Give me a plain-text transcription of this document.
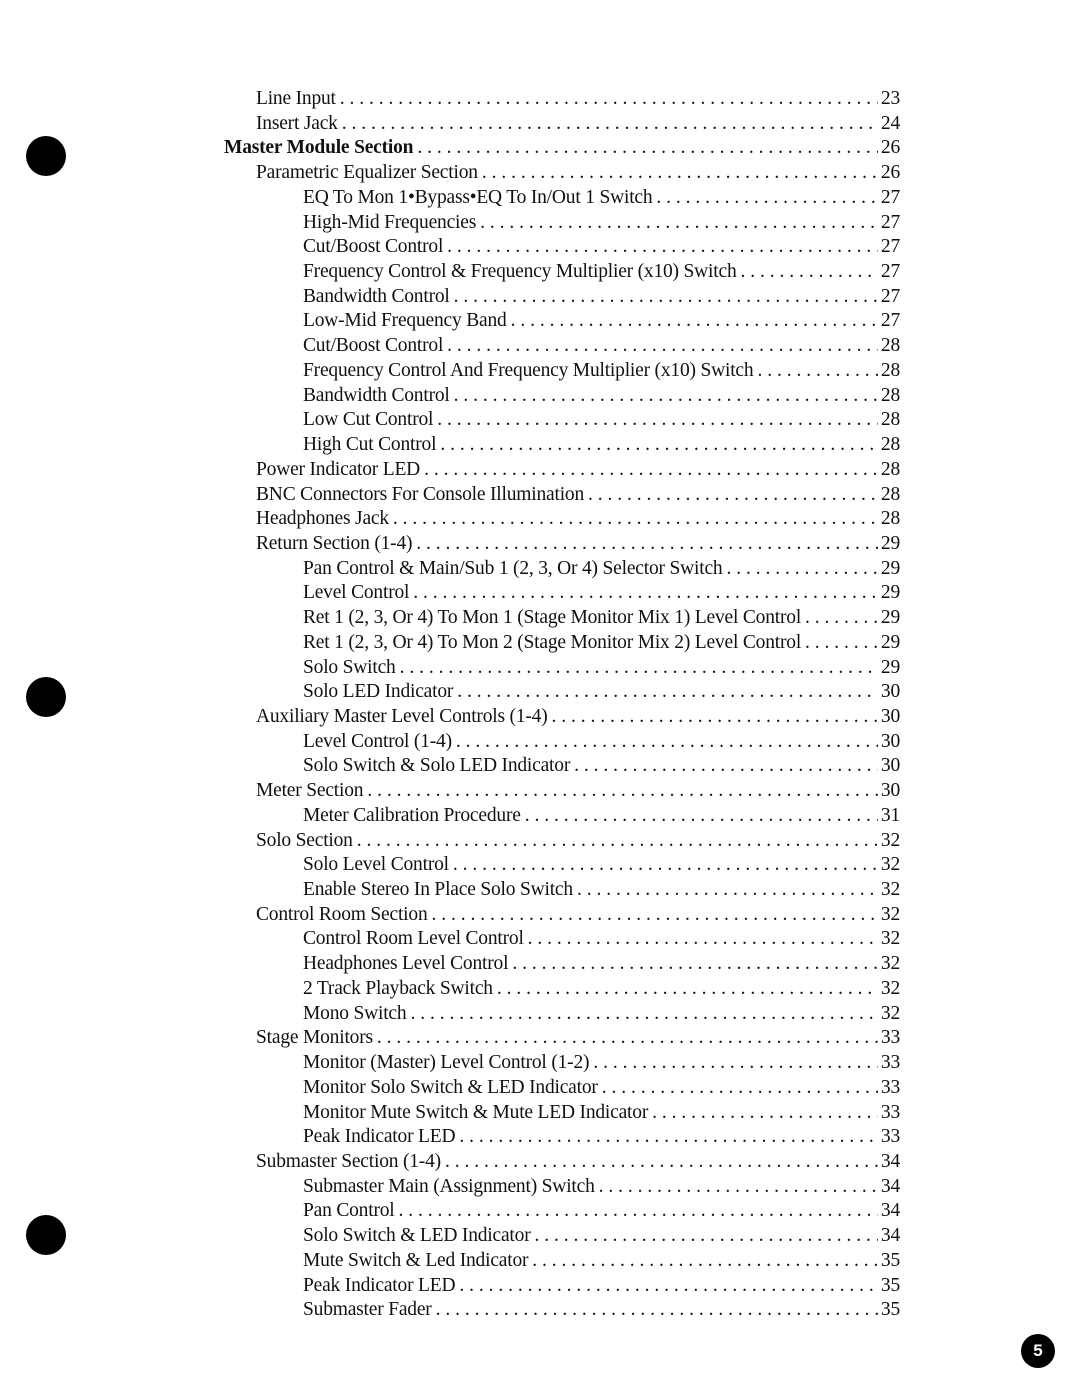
Line Input . . .	23
Insert Jack . . .	24
Master Module Section . . .	26
Parametric Equalizer Section . . .	26
EQ To Mon 1•Bypass•EQ To In/Out 1 Switch . . .	27
High-Mid Frequencies . . .	27
Cut/Boost Control . . .	27
Frequency Control & Frequency Multiplier (x10) Switch . . .	27
Bandwidth Control . . .	27
Low-Mid Frequency Band . . .	27
Cut/Boost Control . . .	28
Frequency Control And Frequency Multiplier (x10) Switch . . .	28
Bandwidth Control . . .	28
Low Cut Control . . .	28
High Cut Control . . .	28
Power Indicator LED . . .	28
BNC Connectors For Console Illumination . . .	28
Headphones Jack . . .	28
Return Section (1-4) . . .	29
Pan Control & Main/Sub 1 (2, 3, Or 4) Selector Switch . . .	29
Level Control . . .	29
Ret 1 (2, 3, Or 4) To Mon 1 (Stage Monitor Mix 1) Level Control . . .	29
Ret 1 (2, 3, Or 4) To Mon 2 (Stage Monitor Mix 2) Level Control . . .	29
Solo Switch . . .	29
Solo LED Indicator . . .	30
Auxiliary Master Level Controls (1-4) . . .	30
Level Control (1-4) . . .	30
Solo Switch & Solo LED Indicator . . .	30
Meter Section . . .	30
Meter Calibration Procedure . . .	31
Solo Section . . .	32
Solo Level Control . . .	32
Enable Stereo In Place Solo Switch . . .	32
Control Room Section . . .	32
Control Room Level Control . . .	32
Headphones Level Control . . .	32
2 Track Playback Switch . . .	32
Mono Switch . . .	32
Stage Monitors . . .	33
Monitor (Master) Level Control (1-2) . . .	33
Monitor Solo Switch & LED Indicator . . .	33
Monitor Mute Switch & Mute LED Indicator . . .	33
Peak Indicator LED . . .	33
Submaster Section (1-4) . . .	34
Submaster Main (Assignment) Switch . . .	34
Pan Control . . .	34
Solo Switch & LED Indicator . . .	34
Mute Switch & Led Indicator . . .	35
Peak Indicator LED . . .	35
Submaster Fader . . .	35
5
